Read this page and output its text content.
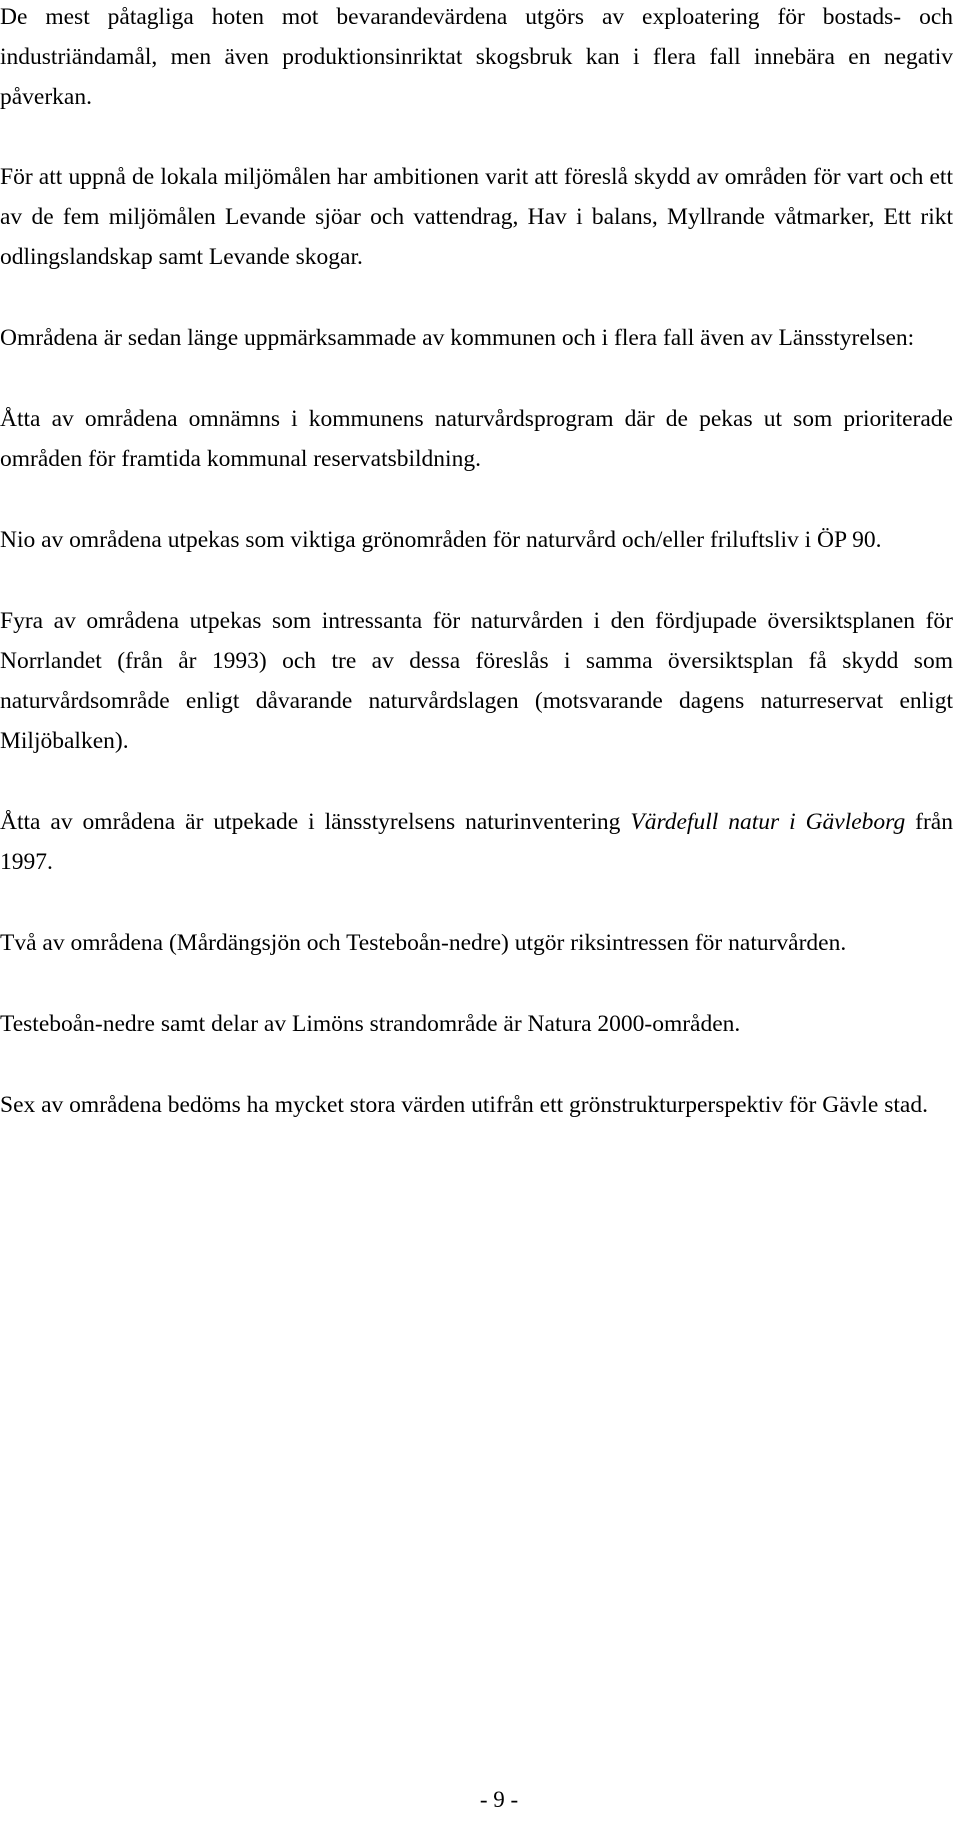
De mest påtagliga hoten mot bevarandevärdena utgörs av exploatering för bostads- och industriändamål, men även produktionsinriktat skogsbruk kan i flera fall innebära en negativ påverkan.

För att uppnå de lokala miljömålen har ambitionen varit att föreslå skydd av områden för vart och ett av de fem miljömålen Levande sjöar och vattendrag, Hav i balans, Myllrande våtmarker, Ett rikt odlingslandskap samt Levande skogar.

Områdena är sedan länge uppmärksammade av kommunen och i flera fall även av Länsstyrelsen:

Åtta av områdena omnämns i kommunens naturvårdsprogram där de pekas ut som prioriterade områden för framtida kommunal reservatsbildning.

Nio av områdena utpekas som viktiga grönområden för naturvård och/eller friluftsliv i ÖP 90.

Fyra av områdena utpekas som intressanta för naturvården i den fördjupade översiktsplanen för Norrlandet (från år 1993) och tre av dessa föreslås i samma översiktsplan få skydd som naturvårdsområde enligt dåvarande naturvårdslagen (motsvarande dagens naturreservat enligt Miljöbalken).

Åtta av områdena är utpekade i länsstyrelsens naturinventering Värdefull natur i Gävleborg från 1997.

Två av områdena (Mårdängsjön och Testeboån-nedre) utgör riksintressen för naturvården.

Testeboån-nedre samt delar av Limöns strandområde är Natura 2000-områden.

Sex av områdena bedöms ha mycket stora värden utifrån ett grönstrukturperspektiv för Gävle stad.

- 9 -
